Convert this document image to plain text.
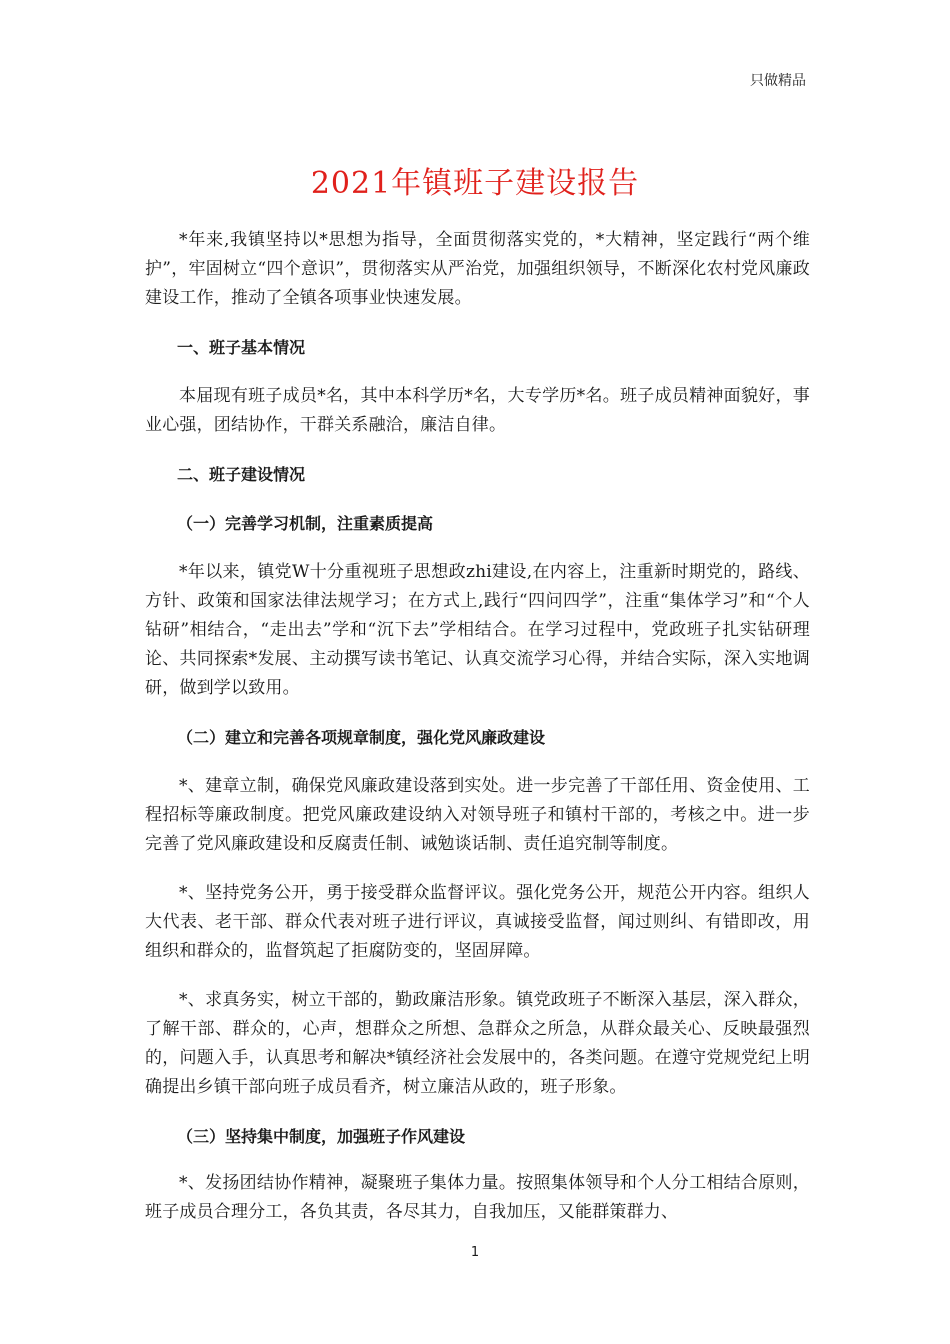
只做精品
2021年镇班子建设报告

*年来,我镇坚持以*思想为指导，全面贯彻落实党的，*大精神，坚定践行“两个维护”，牢固树立“四个意识”，贯彻落实从严治党，加强组织领导，不断深化农村党风廉政建设工作，推动了全镇各项事业快速发展。

一、班子基本情况

本届现有班子成员*名，其中本科学历*名，大专学历*名。班子成员精神面貌好，事业心强，团结协作，干群关系融洽，廉洁自律。

二、班子建设情况

（一）完善学习机制，注重素质提高

*年以来，镇党W十分重视班子思想政zhi建设,在内容上，注重新时期党的，路线、方针、政策和国家法律法规学习；在方式上,践行“四问四学”，注重“集体学习”和“个人钻研”相结合，“走出去”学和“沉下去”学相结合。在学习过程中，党政班子扎实钻研理论、共同探索*发展、主动撰写读书笔记、认真交流学习心得，并结合实际，深入实地调研，做到学以致用。

（二）建立和完善各项规章制度，强化党风廉政建设

*、建章立制，确保党风廉政建设落到实处。进一步完善了干部任用、资金使用、工程招标等廉政制度。把党风廉政建设纳入对领导班子和镇村干部的，考核之中。进一步完善了党风廉政建设和反腐责任制、诫勉谈话制、责任追究制等制度。

*、坚持党务公开，勇于接受群众监督评议。强化党务公开，规范公开内容。组织人大代表、老干部、群众代表对班子进行评议，真诚接受监督，闻过则纠、有错即改，用组织和群众的，监督筑起了拒腐防变的，坚固屏障。

*、求真务实，树立干部的，勤政廉洁形象。镇党政班子不断深入基层，深入群众，了解干部、群众的，心声，想群众之所想、急群众之所急，从群众最关心、反映最强烈的，问题入手，认真思考和解决*镇经济社会发展中的，各类问题。在遵守党规党纪上明确提出乡镇干部向班子成员看齐，树立廉洁从政的，班子形象。

（三）坚持集中制度，加强班子作风建设

*、发扬团结协作精神，凝聚班子集体力量。按照集体领导和个人分工相结合原则，班子成员合理分工，各负其责，各尽其力，自我加压，又能群策群力、

1
